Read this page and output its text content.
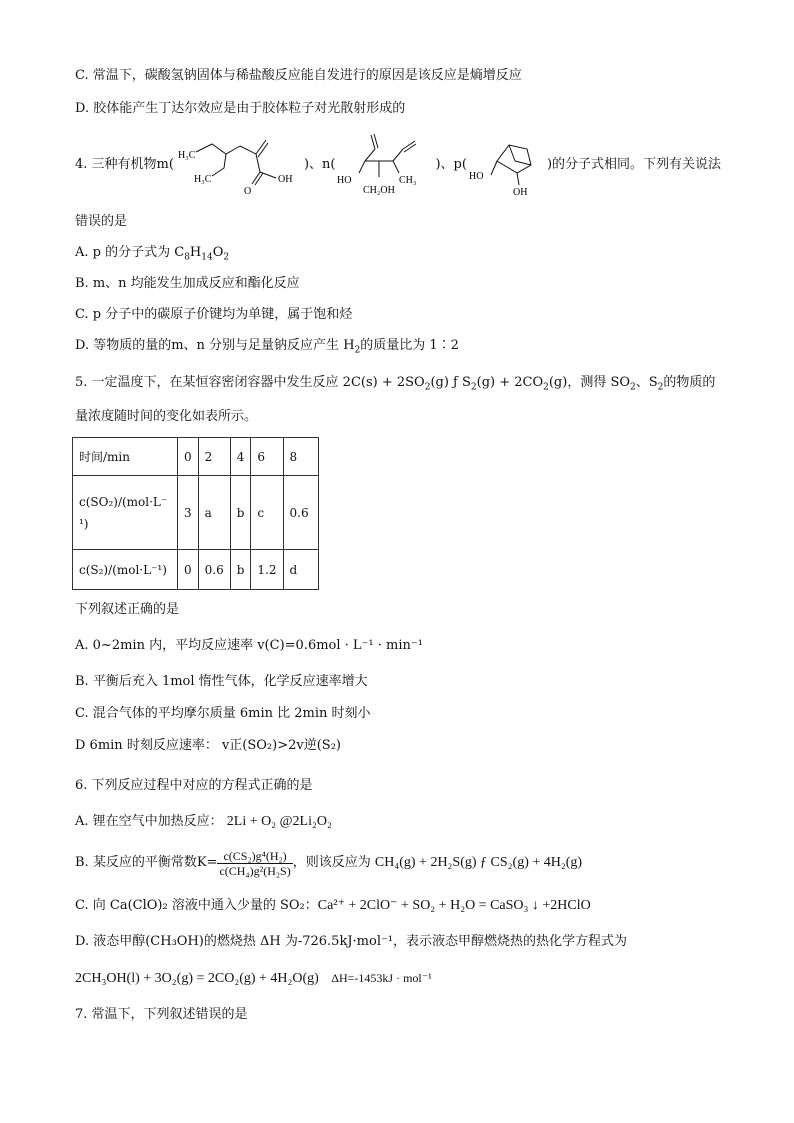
C. 常温下，碳酸氢钠固体与稀盐酸反应能自发进行的原因是该反应是熵增反应
D. 胶体能产生丁达尔效应是由于胶体粒子对光散射形成的
4. 三种有机物m(
H₃C
H₃C
O
OH
)、n(
HO
CH₂OH
CH₃
)、p(
HO
OH
)的分子式相同。下列有关说法
错误的是
A. p 的分子式为 $C_8H_{14}O_2$
B. m、n 均能发生加成反应和酯化反应
C. p 分子中的碳原子价键均为单键，属于饱和烃
D. 等物质的量的m、n 分别与足量钠反应产生 $H_2$的质量比为 1∶2
5. 一定温度下，在某恒容密闭容器中发生反应 $2C(s) + 2SO_2(g)$ ƒ $S_2(g) + 2CO_2(g)$，测得 $SO_2$、$S_2$的物质的
量浓度随时间的变化如表所示。
时间/min	0	2	4	6	8
c(SO₂)/(mol·L⁻
¹)	3	a	b	c	0.6
c(S₂)/(mol·L⁻¹)	0	0.6	b	1.2	d
下列叙述正确的是
A. 0~2min 内，平均反应速率 v(C)=0.6mol · L⁻¹ · min⁻¹
B. 平衡后充入 1mol 惰性气体，化学反应速率增大
C. 混合气体的平均摩尔质量 6min 比 2min 时刻小
D 6min 时刻反应速率： v正(SO₂)>2v逆(S₂)
6. 下列反应过程中对应的方程式正确的是
A. 锂在空气中加热反应： 2Li + O₂ @2Li₂O₂
B. 某反应的平衡常数$K= \frac{\text{c(CS₂)g⁴(H₂)}}{\text{c(CH₄)g²(H₂S)}}$ ，则该反应为
CH₄(g) + 2H₂S(g) ƒ CS₂(g) + 4H₂(g)
C. 向 Ca(ClO)₂ 溶液中通入少量的 SO₂：Ca²⁺ + 2ClO⁻ + SO₂ + H₂O = CaSO₃ ↓ +2HClO
D. 液态甲醇(CH₃OH)的燃烧热 ΔH 为-726.5kJ·mol⁻¹，表示液态甲醇燃烧热的热化学方程式为
2CH₃OH(l) + 3O₂(g) = 2CO₂(g) + 4H₂O(g) ΔH=-1453kJ · mol⁻¹
7. 常温下，下列叙述错误的是
